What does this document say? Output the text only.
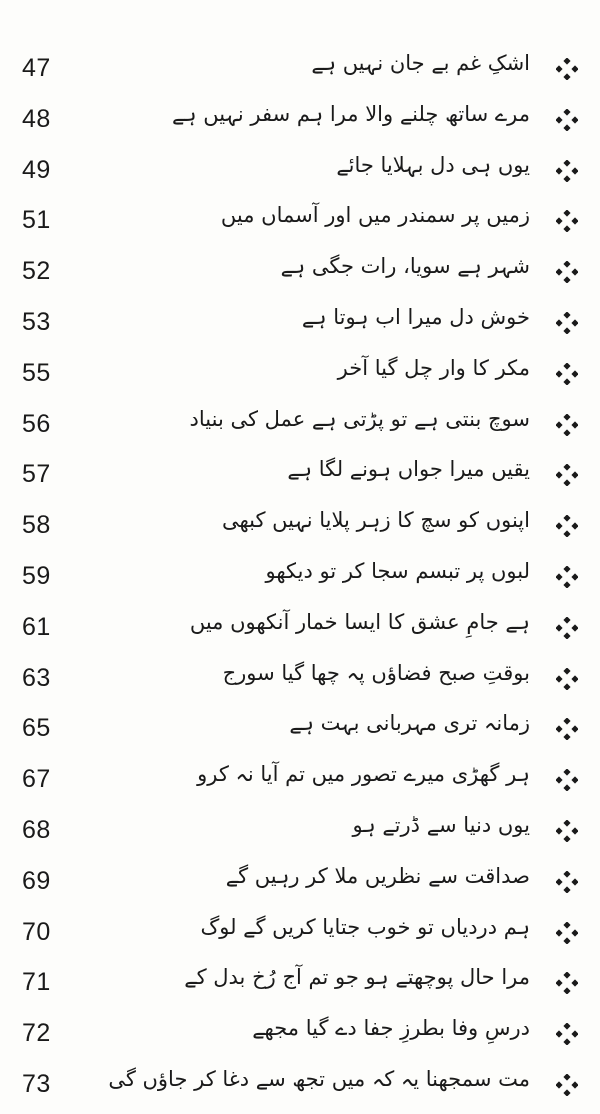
47	اشکِ غم بے جان نہیں ہے
48	مرے ساتھ چلنے والا مرا ہم سفر نہیں ہے
49	یوں ہی دل بہلایا جائے
51	زمیں پر سمندر میں اور آسماں میں
52	شہر ہے سویا، رات جگی ہے
53	خوش دل میرا اب ہوتا ہے
55	مکر کا وار چل گیا آخر
56	سوچ بنتی ہے تو پڑتی ہے عمل کی بنیاد
57	یقیں میرا جواں ہونے لگا ہے
58	اپنوں کو سچ کا زہر پلایا نہیں کبھی
59	لبوں پر تبسم سجا کر تو دیکھو
61	ہے جامِ عشق کا ایسا خمار آنکھوں میں
63	بوقتِ صبح فضاؤں پہ چھا گیا سورج
65	زمانہ تری مہربانی بہت ہے
67	ہر گھڑی میرے تصور میں تم آیا نہ کرو
68	یوں دنیا سے ڈرتے ہو
69	صداقت سے نظریں ملا کر رہیں گے
70	ہم دردیاں تو خوب جتایا کریں گے لوگ
71	مرا حال پوچھتے ہو جو تم آج رُخ بدل کے
72	درسِ وفا بطرزِ جفا دے گیا مجھے
73	مت سمجھنا یہ کہ میں تجھ سے دغا کر جاؤں گی
